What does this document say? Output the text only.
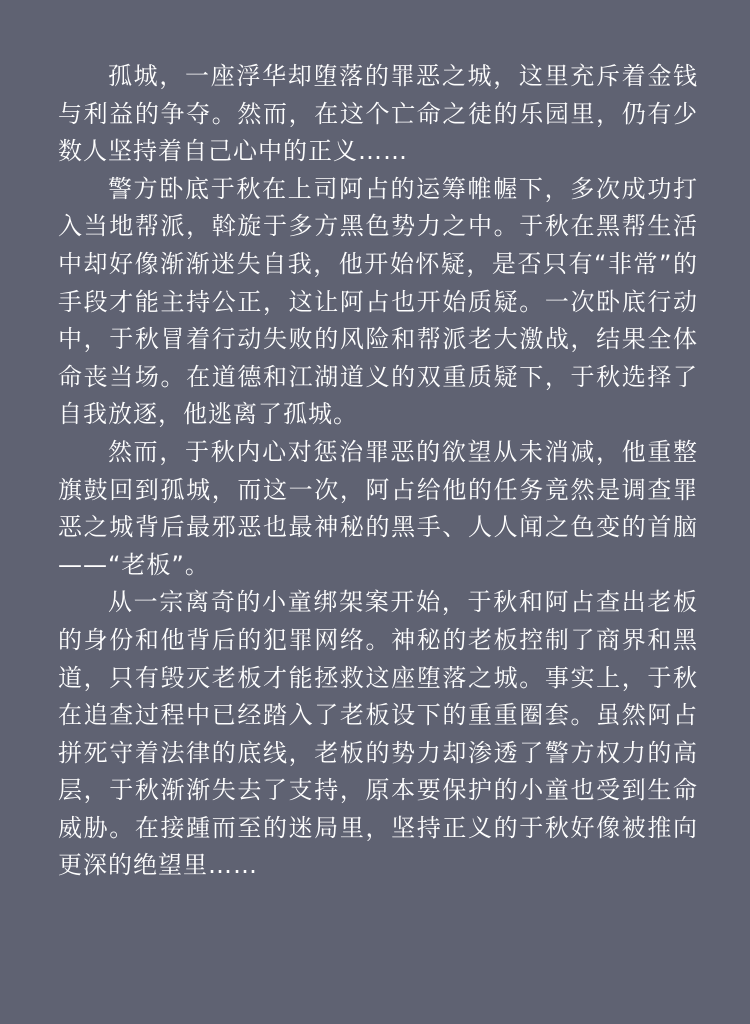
孤城，一座浮华却堕落的罪恶之城，这里充斥着金钱与利益的争夺。然而，在这个亡命之徒的乐园里，仍有少数人坚持着自己心中的正义……

警方卧底于秋在上司阿占的运筹帷幄下，多次成功打入当地帮派，斡旋于多方黑色势力之中。于秋在黑帮生活中却好像渐渐迷失自我，他开始怀疑，是否只有“非常”的手段才能主持公正，这让阿占也开始质疑。一次卧底行动中，于秋冒着行动失败的风险和帮派老大激战，结果全体命丧当场。在道德和江湖道义的双重质疑下，于秋选择了自我放逐，他逃离了孤城。

然而，于秋内心对惩治罪恶的欲望从未消减，他重整旗鼓回到孤城，而这一次，阿占给他的任务竟然是调查罪恶之城背后最邪恶也最神秘的黑手、人人闻之色变的首脑——“老板”。

从一宗离奇的小童绑架案开始，于秋和阿占查出老板的身份和他背后的犯罪网络。神秘的老板控制了商界和黑道，只有毁灭老板才能拯救这座堕落之城。事实上，于秋在追查过程中已经踏入了老板设下的重重圈套。虽然阿占拼死守着法律的底线，老板的势力却渗透了警方权力的高层，于秋渐渐失去了支持，原本要保护的小童也受到生命威胁。在接踵而至的迷局里，坚持正义的于秋好像被推向更深的绝望里……
